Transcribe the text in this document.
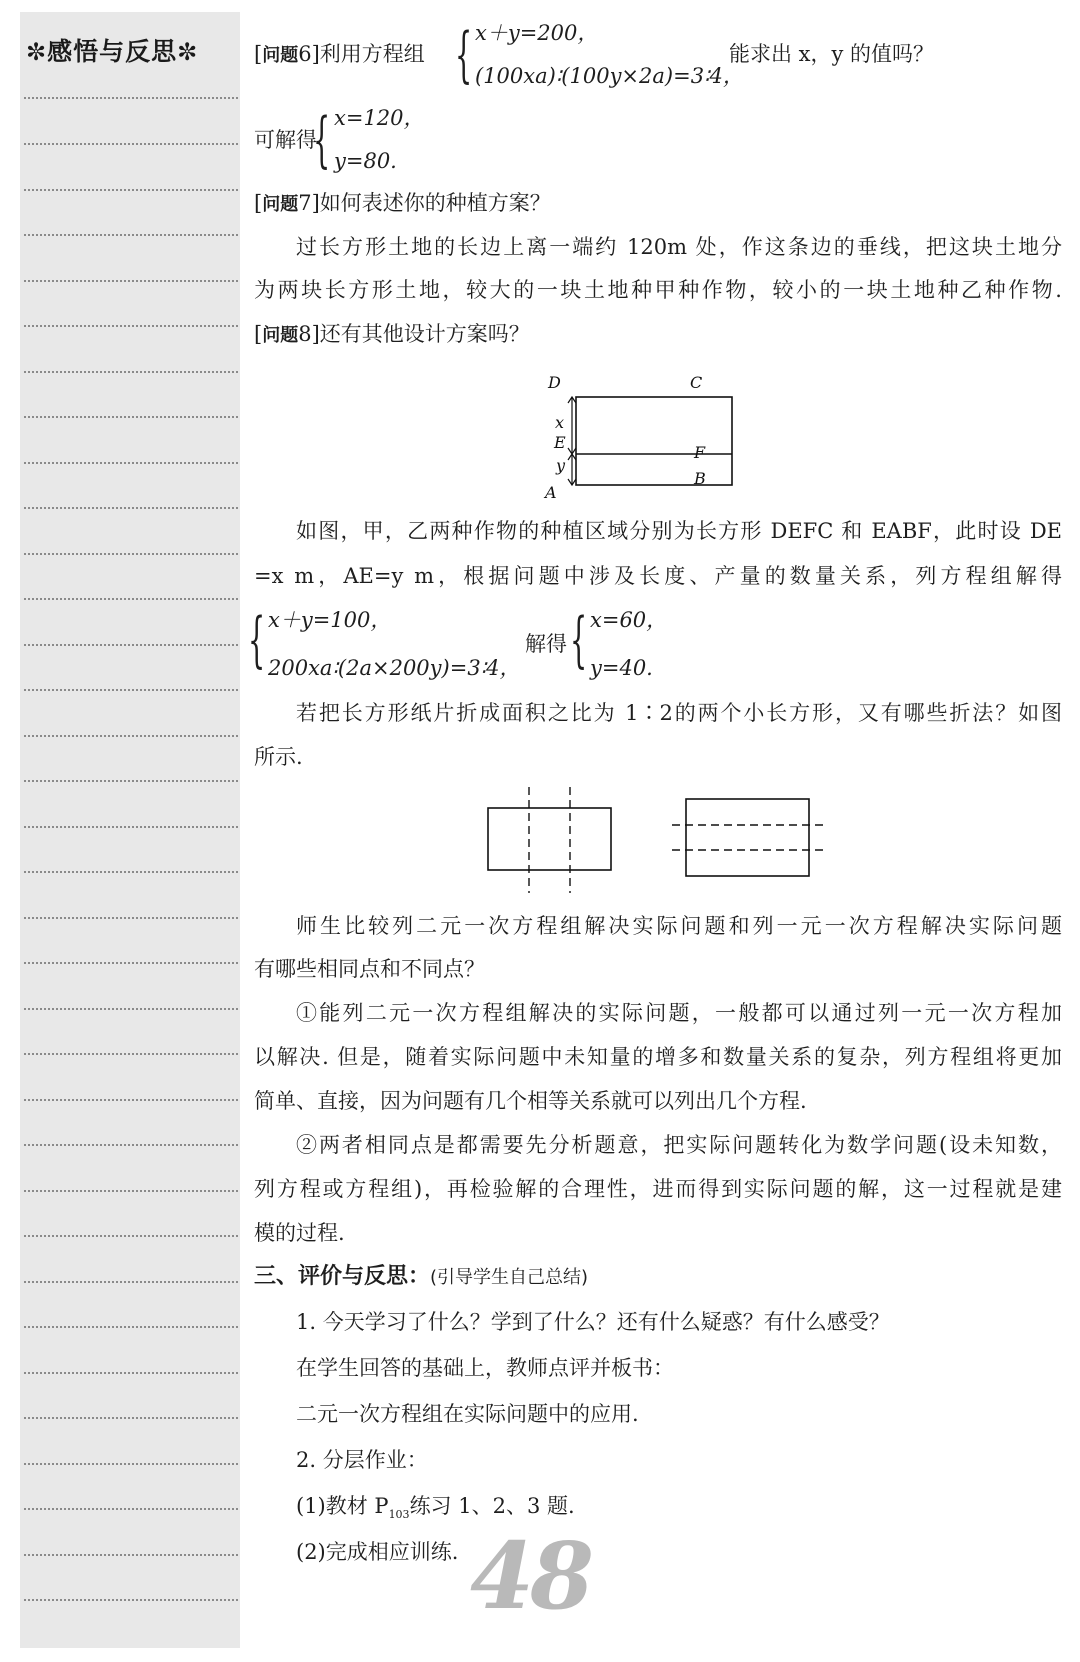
✼感悟与反思✼	[问题6]利用方程组 { x＋y=200，
(100xa)∶(100y×2a)=3∶4，
能求出 x，y 的值吗？
可解得
{ x=120，
y=80.
[问题7]如何表述你的种植方案？
过长方形土地的长边上离一端约 120m 处，作这条边的垂线，把这块土地分
为两块长方形土地，较大的一块土地种甲种作物，较小的一块土地种乙种作物.
[问题8]还有其他设计方案吗？
D	C
x
E
F
y
A
B
如图，甲，乙两种作物的种植区域分别为长方形 DEFC 和 EABF，此时设 DE
=x m，AE=y m，根据问题中涉及长度、产量的数量关系，列方程组解得
{ x＋y=100，
200xa∶(2a×200y)=3∶4，
解得 { x=60，
y=40.
若把长方形纸片折成面积之比为 1∶2的两个小长方形，又有哪些折法？如图
所示.
师生比较列二元一次方程组解决实际问题和列一元一次方程解决实际问题
有哪些相同点和不同点？
①能列二元一次方程组解决的实际问题，一般都可以通过列一元一次方程加
以解决. 但是，随着实际问题中未知量的增多和数量关系的复杂，列方程组将更加
简单、直接，因为问题有几个相等关系就可以列出几个方程.
②两者相同点是都需要先分析题意，把实际问题转化为数学问题(设未知数，
列方程或方程组)，再检验解的合理性，进而得到实际问题的解，这一过程就是建
模的过程.
三、评价与反思：(引导学生自己总结)
1. 今天学习了什么？学到了什么？还有什么疑惑？有什么感受？
在学生回答的基础上，教师点评并板书：
二元一次方程组在实际问题中的应用.
2. 分层作业：
(1)教材 $P_{103}$练习 1、2、3 题.
(2)完成相应训练. 48
